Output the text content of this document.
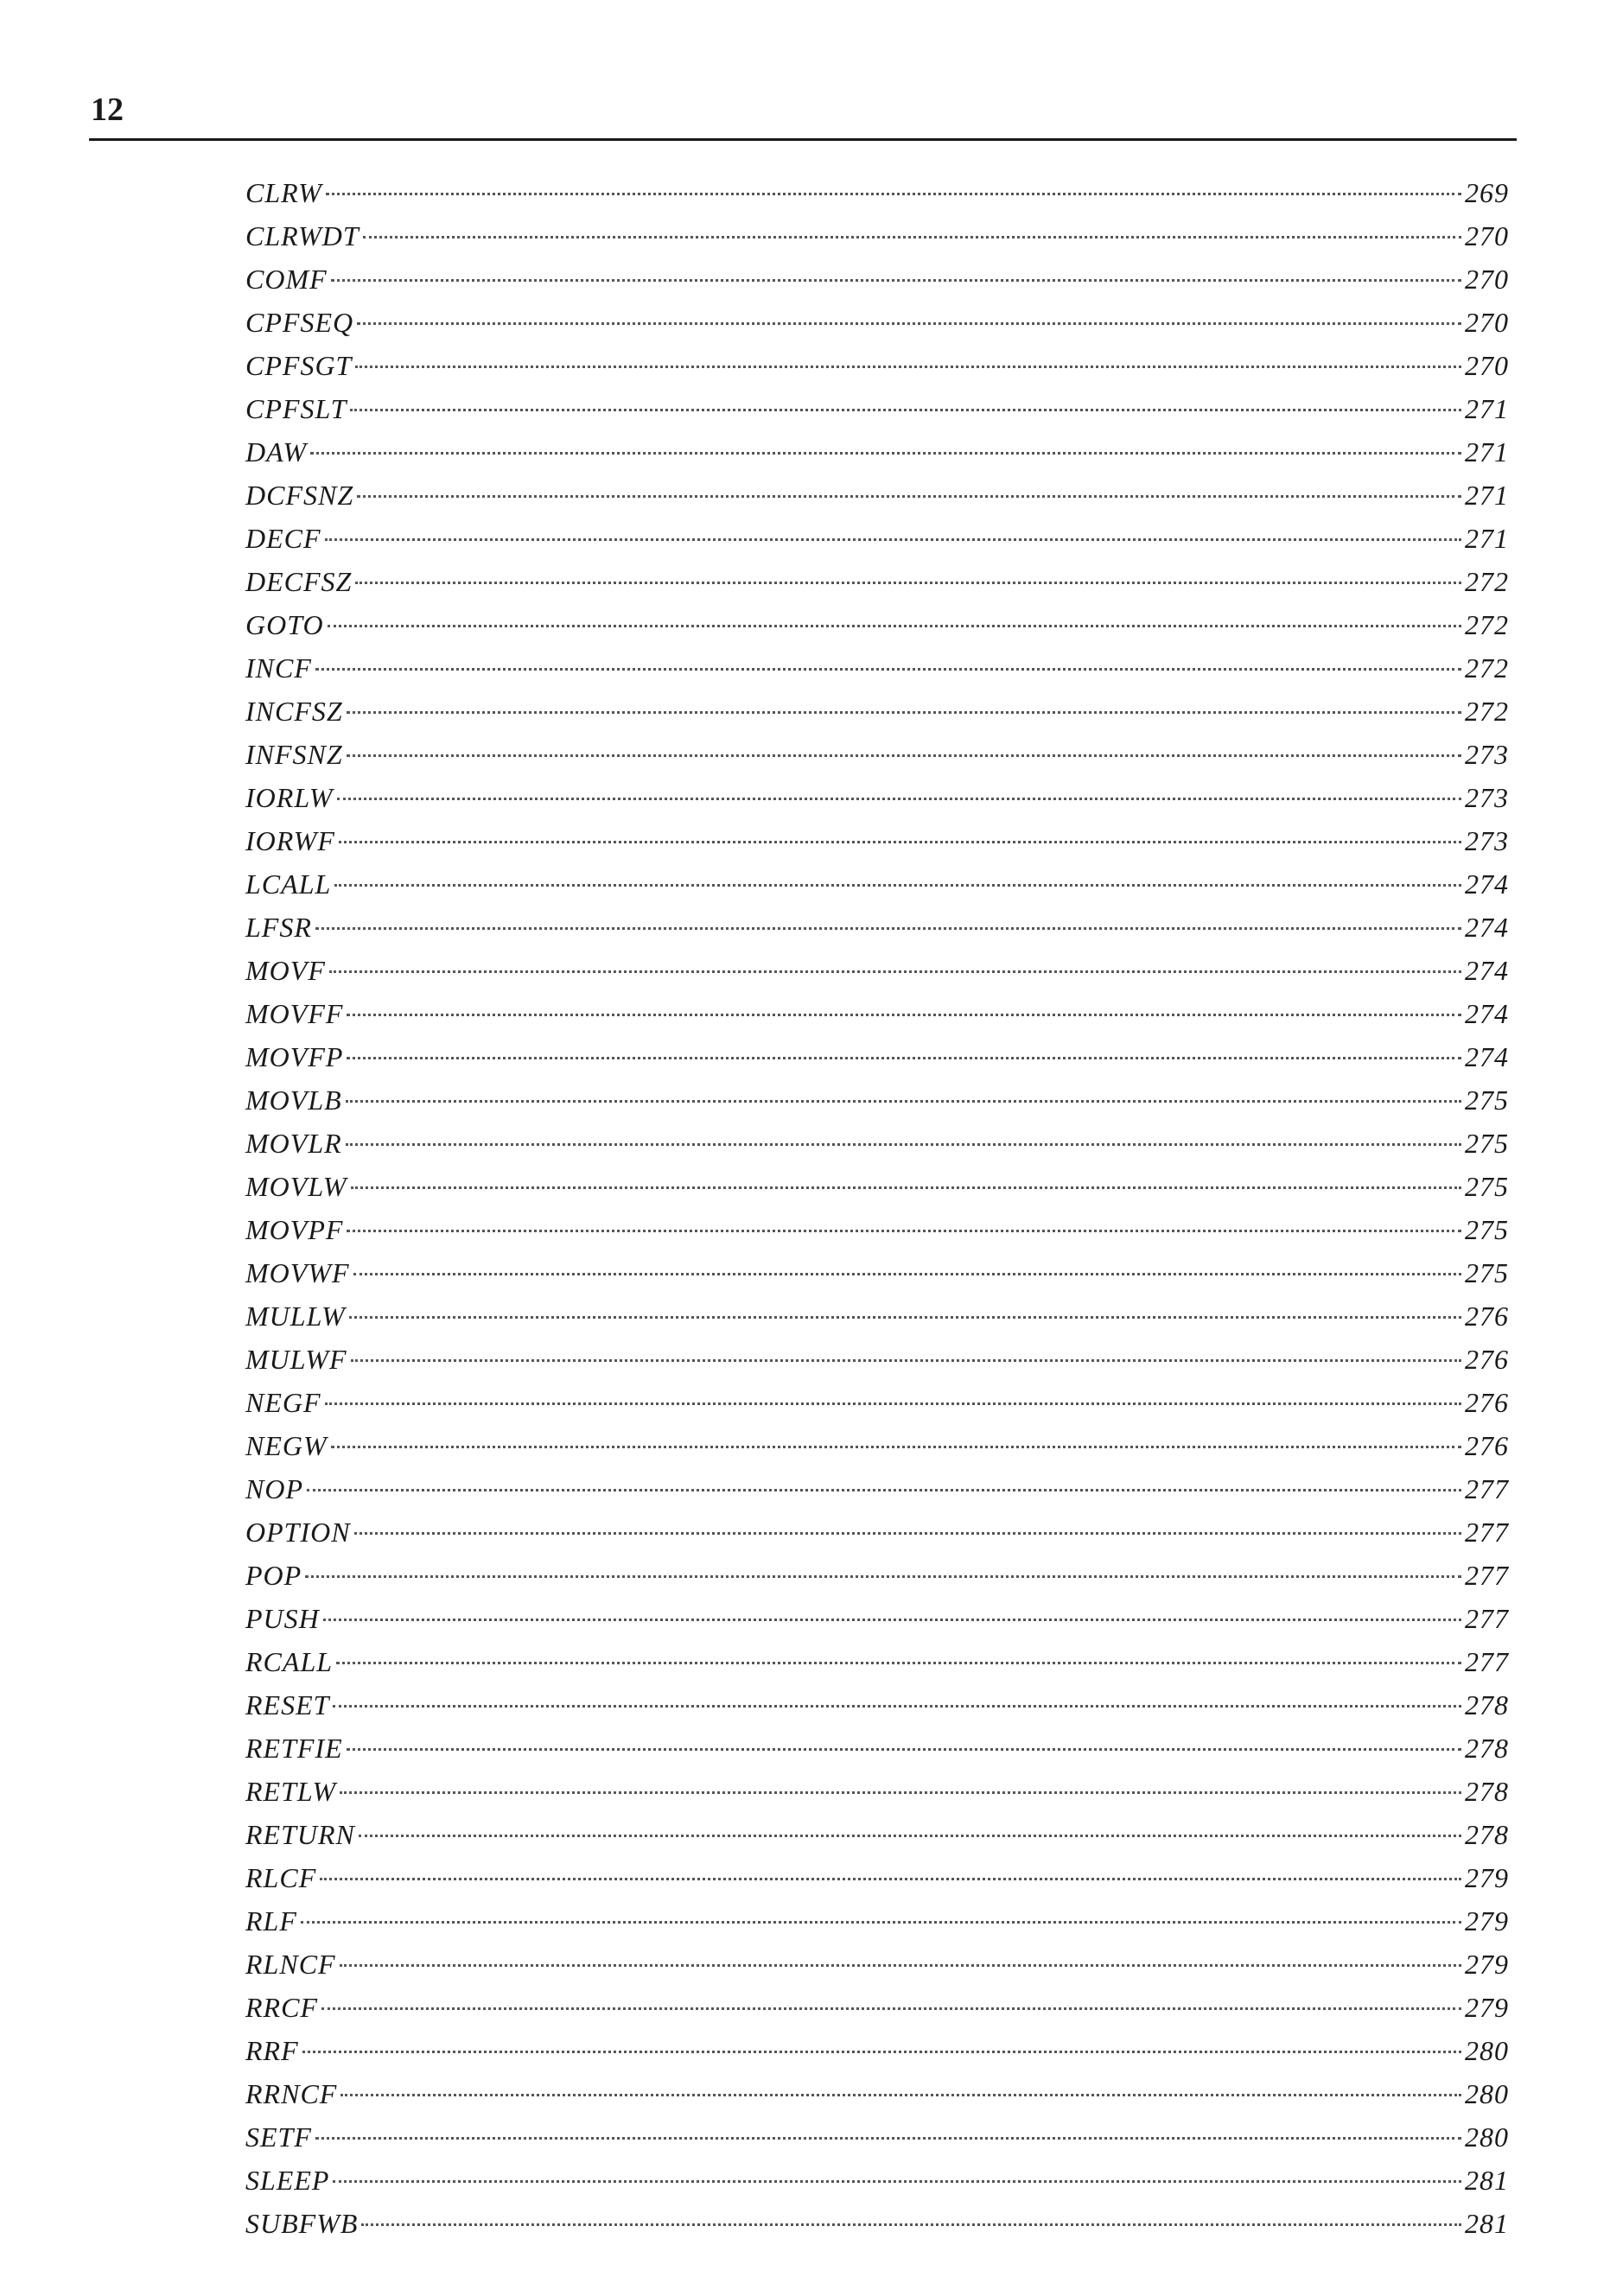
12
CLRW	269
CLRWDT	270
COMF	270
CPFSEQ	270
CPFSGT	270
CPFSLT	271
DAW	271
DCFSNZ	271
DECF	271
DECFSZ	272
GOTO	272
INCF	272
INCFSZ	272
INFSNZ	273
IORLW	273
IORWF	273
LCALL	274
LFSR	274
MOVF	274
MOVFF	274
MOVFP	274
MOVLB	275
MOVLR	275
MOVLW	275
MOVPF	275
MOVWF	275
MULLW	276
MULWF	276
NEGF	276
NEGW	276
NOP	277
OPTION	277
POP	277
PUSH	277
RCALL	277
RESET	278
RETFIE	278
RETLW	278
RETURN	278
RLCF	279
RLF	279
RLNCF	279
RRCF	279
RRF	280
RRNCF	280
SETF	280
SLEEP	281
SUBFWB	281
